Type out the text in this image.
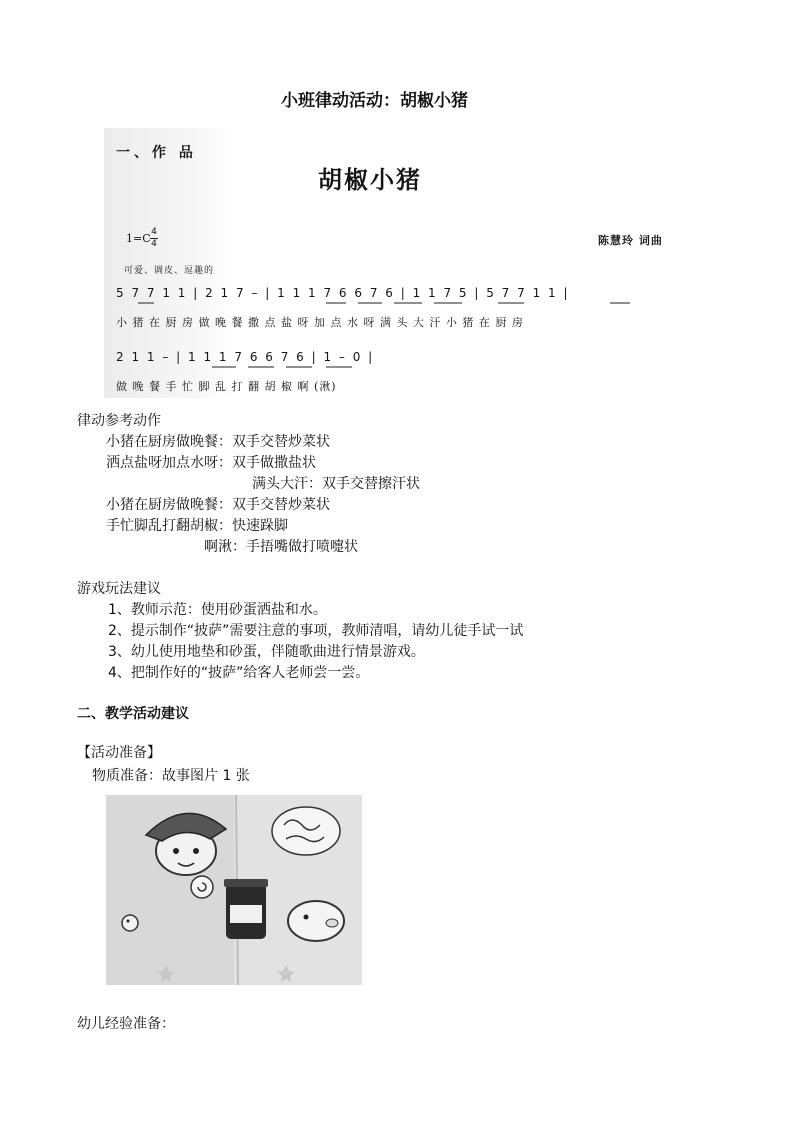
小班律动活动：胡椒小猪
一、作 品
胡椒小猪
1=C 4
4	陈慧玲 词曲
可爱、调皮、逗趣的
5 7 7 1 1 | 2 1 7 – | 1 1 1 7 6 6 7 6 | 1 1 7 5 | 5 7 7 1 1 |
小 猪 在 厨 房 做 晚 餐 撒 点 盐 呀 加 点 水 呀 满 头 大 汗 小 猪 在 厨 房
2 1 1 – | 1 1 1 7 6 6 7 6 | 1 – 0 |
做 晚 餐 手 忙 脚 乱 打 翻 胡 椒 啊 (湫)
律动参考动作
小猪在厨房做晚餐：双手交替炒菜状
洒点盐呀加点水呀：双手做撒盐状
满头大汗：双手交替擦汗状
小猪在厨房做晚餐：双手交替炒菜状
手忙脚乱打翻胡椒：快速跺脚
啊湫：手捂嘴做打喷嚏状
游戏玩法建议
1、教师示范：使用砂蛋洒盐和水。
2、提示制作“披萨”需要注意的事项，教师清唱，请幼儿徒手试一试
3、幼儿使用地垫和砂蛋，伴随歌曲进行情景游戏。
4、把制作好的“披萨”给客人老师尝一尝。
二、教学活动建议
【活动准备】
物质准备：故事图片 1 张
幼儿经验准备：
